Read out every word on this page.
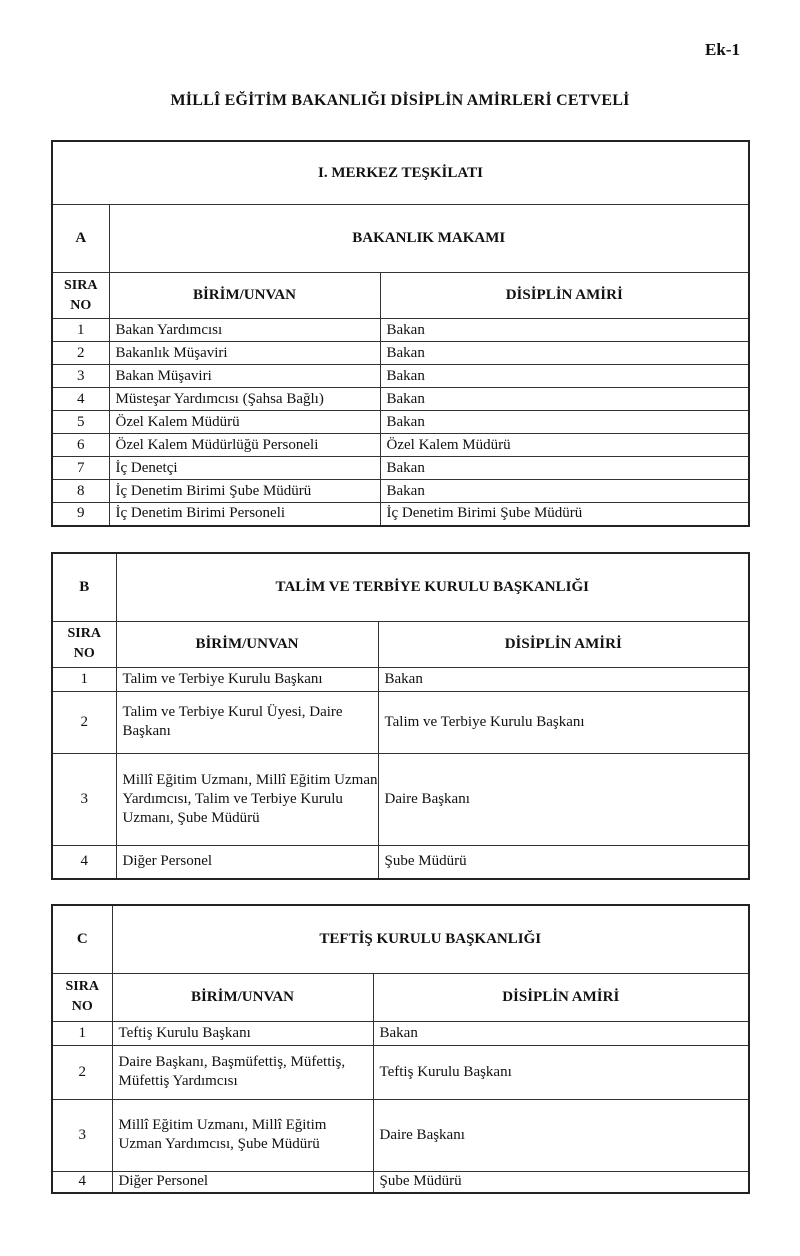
Ek-1
MİLLÎ EĞİTİM BAKANLIĞI DİSİPLİN AMİRLERİ CETVELİ
I. MERKEZ TEŞKİLATI		
A	BAKANLIK MAKAMI	
SIRA
NO	BİRİM/UNVAN	DİSİPLİN AMİRİ
1	Bakan Yardımcısı	Bakan
2	Bakanlık Müşaviri	Bakan
3	Bakan Müşaviri	Bakan
4	Müsteşar Yardımcısı (Şahsa Bağlı)	Bakan
5	Özel Kalem Müdürü	Bakan
6	Özel Kalem Müdürlüğü Personeli	Özel Kalem Müdürü
7	İç Denetçi	Bakan
8	İç Denetim Birimi Şube Müdürü	Bakan
9	İç Denetim Birimi Personeli	İç Denetim Birimi Şube Müdürü
B	TALİM VE TERBİYE KURULU BAŞKANLIĞI	
SIRA
NO	BİRİM/UNVAN	DİSİPLİN AMİRİ
1	Talim ve Terbiye Kurulu Başkanı	Bakan
2	Talim ve Terbiye Kurul Üyesi, Daire Başkanı	Talim ve Terbiye Kurulu Başkanı
3	Millî Eğitim Uzmanı, Millî Eğitim Uzman Yardımcısı, Talim ve Terbiye Kurulu Uzmanı, Şube Müdürü	Daire Başkanı
4	Diğer Personel	Şube Müdürü
C	TEFTİŞ KURULU BAŞKANLIĞI	
SIRA
NO	BİRİM/UNVAN	DİSİPLİN AMİRİ
1	Teftiş Kurulu Başkanı	Bakan
2	Daire Başkanı, Başmüfettiş, Müfettiş, Müfettiş Yardımcısı	Teftiş Kurulu Başkanı
3	Millî Eğitim Uzmanı, Millî Eğitim Uzman Yardımcısı, Şube Müdürü	Daire Başkanı
4	Diğer Personel	Şube Müdürü
